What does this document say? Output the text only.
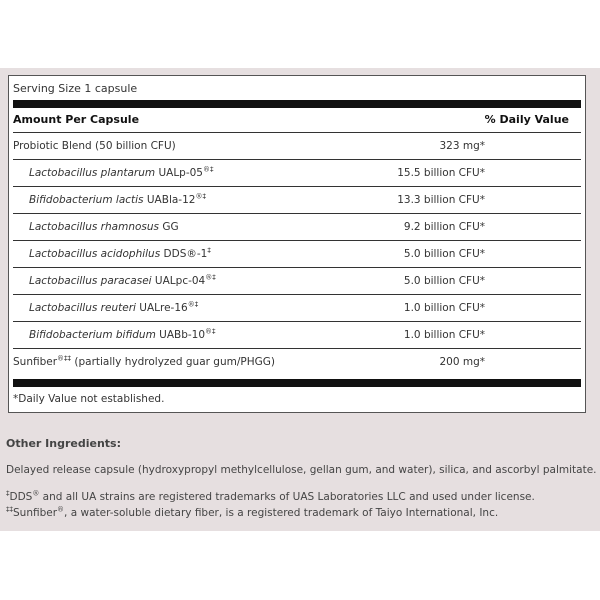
Serving Size 1 capsule
Amount Per Capsule	% Daily Value
Probiotic Blend (50 billion CFU)	323 mg*
Lactobacillus plantarum UALp-05®‡	15.5 billion CFU*
Bifidobacterium lactis UABla-12®‡	13.3 billion CFU*
Lactobacillus rhamnosus GG	9.2 billion CFU*
Lactobacillus acidophilus DDS®-1‡	5.0 billion CFU*
Lactobacillus paracasei UALpc-04®‡	5.0 billion CFU*
Lactobacillus reuteri UALre-16®‡	1.0 billion CFU*
Bifidobacterium bifidum UABb-10®‡	1.0 billion CFU*
Sunfiber®‡‡ (partially hydrolyzed guar gum/PHGG)	200 mg*
*Daily Value not established.
Other Ingredients:
Delayed release capsule (hydroxypropyl methylcellulose, gellan gum, and water), silica, and ascorbyl palmitate.
‡DDS® and all UA strains are registered trademarks of UAS Laboratories LLC and used under license.
‡‡Sunfiber®, a water-soluble dietary fiber, is a registered trademark of Taiyo International, Inc.
